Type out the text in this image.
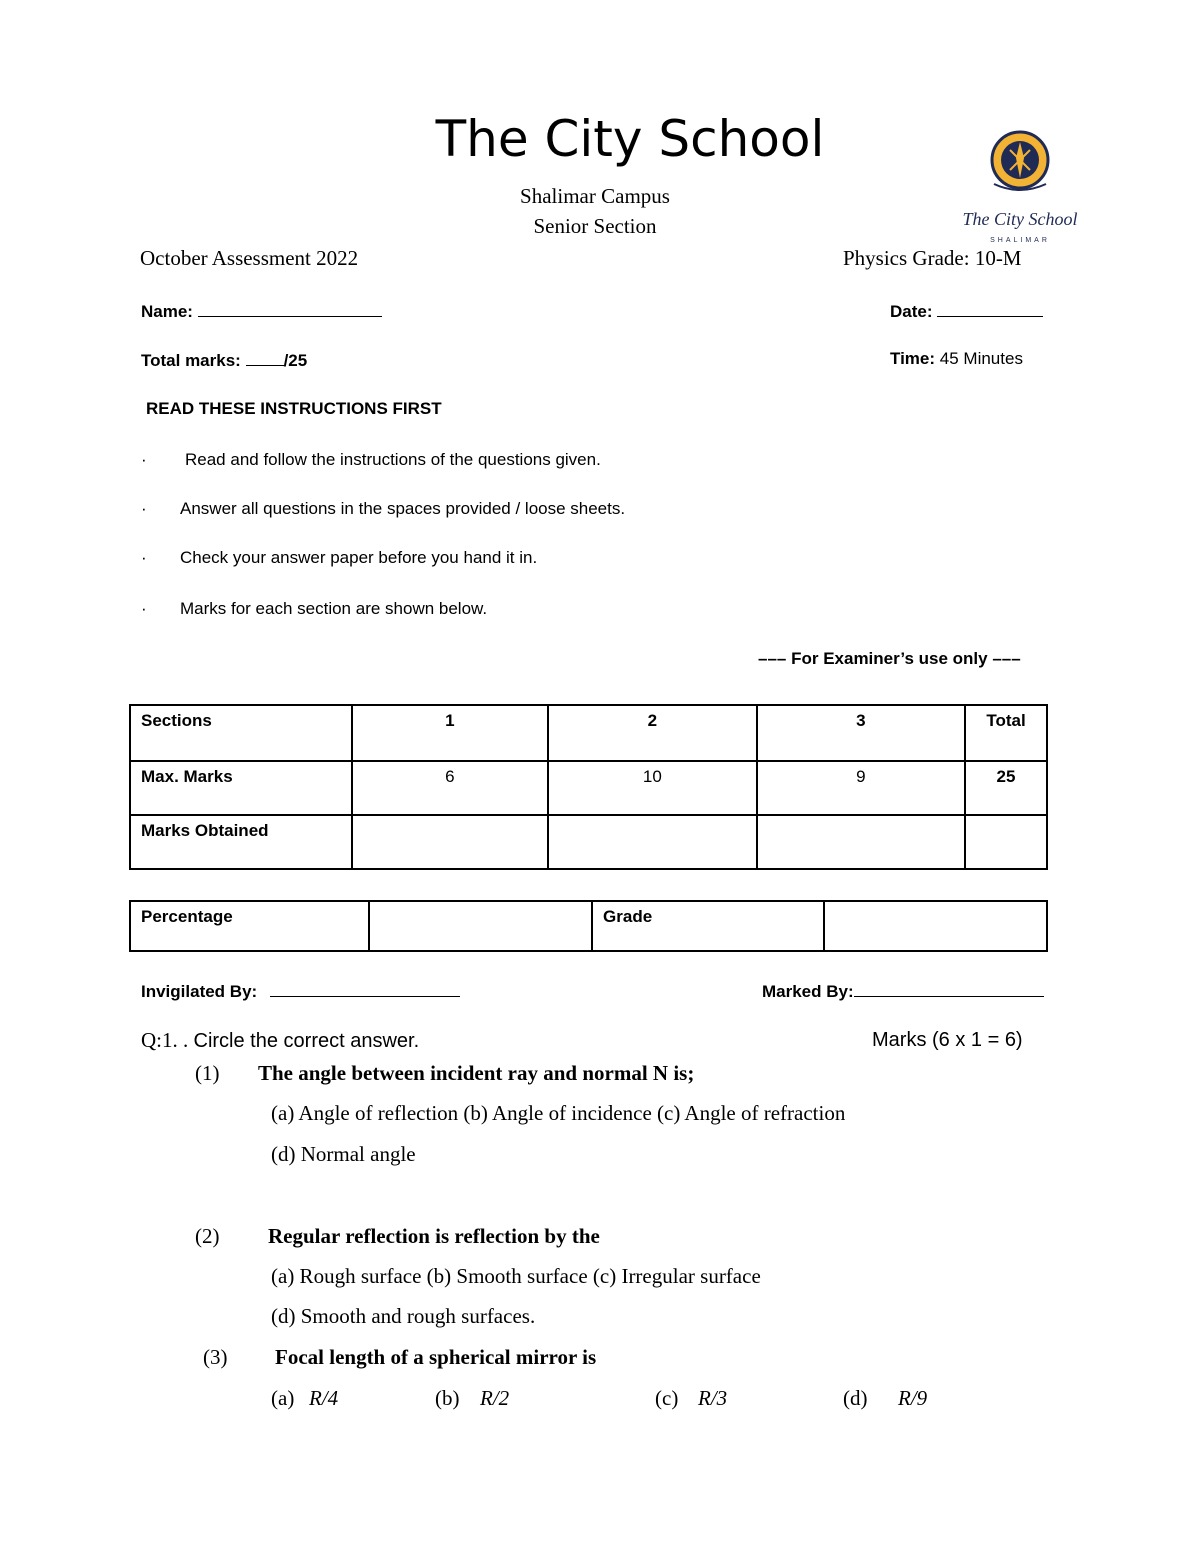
The City School
Shalimar Campus
Senior Section	The City School
SHALIMAR
October Assessment 2022	Physics Grade: 10-M
Name:	Date:
Total marks:	/25	Time: 45 Minutes
READ THESE INSTRUCTIONS FIRST
· Read and follow the instructions of the questions given.
· Answer all questions in the spaces provided / loose sheets.
· Check your answer paper before you hand it in.
· Marks for each section are shown below.
––– For Examiner’s use only –––
Sections	1	2	3	Total
Max. Marks	6	10	9	25
Marks Obtained				
Percentage		Grade	
Invigilated By:	Marked By:
Q:1. . Circle the correct answer.	Marks (6 x 1 = 6)
(1) The angle between incident ray and normal N is;
(a) Angle of reflection (b) Angle of incidence (c) Angle of refraction
(d) Normal angle
(2) Regular reflection is reflection by the
(a) Rough surface (b) Smooth surface (c) Irregular surface
(d) Smooth and rough surfaces.
(3) Focal length of a spherical mirror is
(a) R/4	(b) R/2	(c) R/3	(d) R/9
